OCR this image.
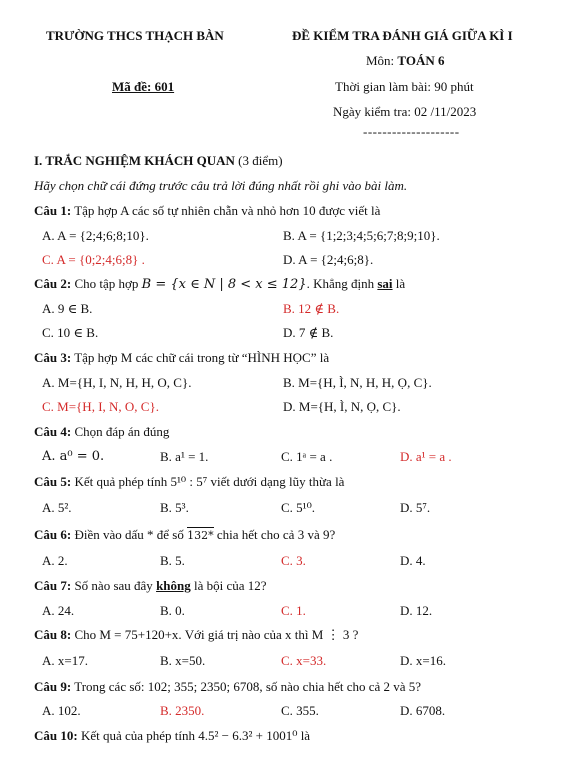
TRƯỜNG THCS THẠCH BÀN	ĐỀ KIỂM TRA ĐÁNH GIÁ GIỮA KÌ I
Môn: TOÁN 6
Mã đề: 601	Thời gian làm bài: 90 phút
Ngày kiểm tra: 02 /11/2023
--------------------
I. TRẮC NGHIỆM KHÁCH QUAN (3 điểm)
Hãy chọn chữ cái đứng trước câu trả lời đúng nhất rồi ghi vào bài làm.
Câu 1: Tập hợp A các số tự nhiên chẵn và nhỏ hơn 10 được viết là
A. A = {2;4;6;8;10}.	B. A = {1;2;3;4;5;6;7;8;9;10}.
C. A = {0;2;4;6;8} .	D. A = {2;4;6;8}.
Câu 2: Cho tập hợp B = {x ∈ N | 8 < x ≤ 12}. Khẳng định sai là
A. 9 ∈ B.	B. 12 ∉ B.
C. 10 ∈ B.	D. 7 ∉ B.
Câu 3: Tập hợp M các chữ cái trong từ “HÌNH HỌC” là
A. M={H, I, N, H, H, O, C}.	B. M={H, Ì, N, H, H, Ọ, C}.
C. M={H, I, N, O, C}.	D. M={H, Ì, N, Ọ, C}.
Câu 4: Chọn đáp án đúng
A. a⁰ = 0.	B. a¹ = 1.	C. 1ᵃ = a .	D. a¹ = a .
Câu 5: Kết quả phép tính 5¹⁰ : 5⁷ viết dưới dạng lũy thừa là
A. 5².	B. 5³.	C. 5¹⁰.	D. 5⁷.
Câu 6: Điền vào dấu * để số 132* chia hết cho cả 3 và 9?
A. 2.	B. 5.	C. 3.	D. 4.
Câu 7: Số nào sau đây không là bội của 12?
A. 24.	B. 0.	C. 1.	D. 12.
Câu 8: Cho M = 75+120+x. Với giá trị nào của x thì M ⋮ 3 ?
A. x=17.	B. x=50.	C. x=33.	D. x=16.
Câu 9: Trong các số: 102; 355; 2350; 6708, số nào chia hết cho cả 2 và 5?
A. 102.	B. 2350.	C. 355.	D. 6708.
Câu 10: Kết quả của phép tính 4.5² − 6.3² + 1001⁰ là
